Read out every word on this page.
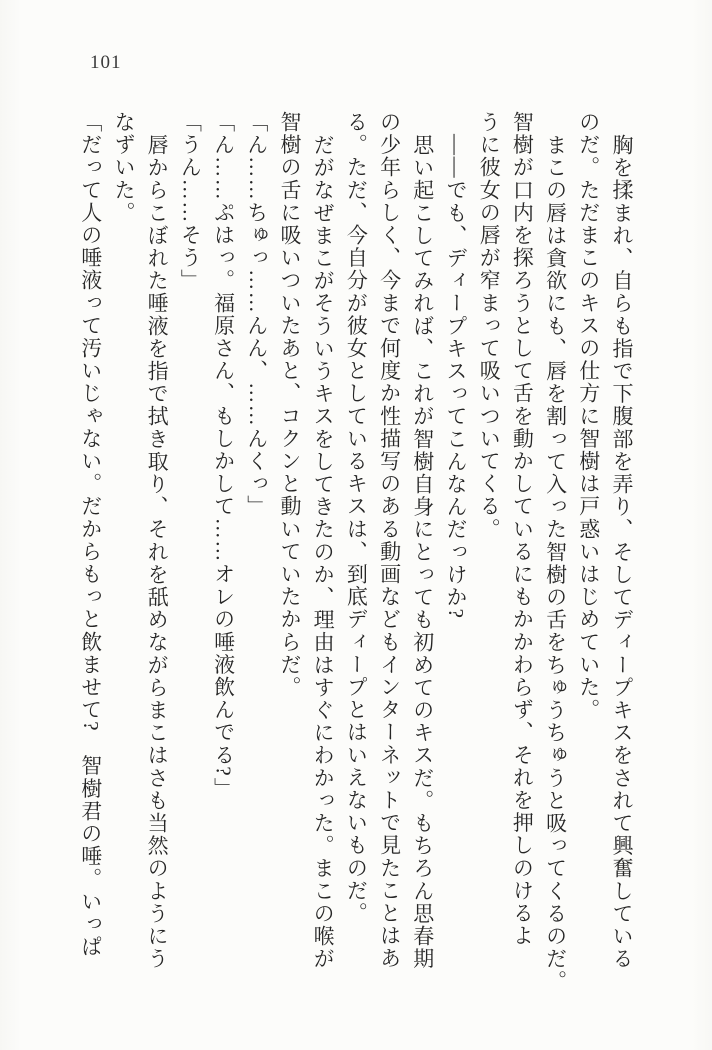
101
胸を揉まれ、自らも指で下腹部を弄り、そしてディープキスをされて興奮している
のだ。ただまこのキスの仕方に智樹は戸惑いはじめていた。
まこの唇は貪欲にも、唇を割って入った智樹の舌をちゅうちゅうと吸ってくるのだ。
智樹が口内を探ろうとして舌を動かしているにもかかわらず、それを押しのけるよ
うに彼女の唇が窄まって吸いついてくる。
――でも、ディープキスってこんなんだっけか?
思い起こしてみれば、これが智樹自身にとっても初めてのキスだ。もちろん思春期
の少年らしく、今まで何度か性描写のある動画などもインターネットで見たことはあ
る。ただ、今自分が彼女としているキスは、到底ディープとはいえないものだ。
だがなぜまこがそういうキスをしてきたのか、理由はすぐにわかった。まこの喉が
智樹の舌に吸いついたあと、コクンと動いていたからだ。
「ん……ちゅっ……んん、……んくっ」
「ん……ぷはっ。福原さん、もしかして……オレの唾液飲んでる?」
「うん……そう」
唇からこぼれた唾液を指で拭き取り、それを舐めながらまこはさも当然のようにう
なずいた。
「だって人の唾液って汚いじゃない。だからもっと飲ませて?　智樹君の唾。いっぱ
